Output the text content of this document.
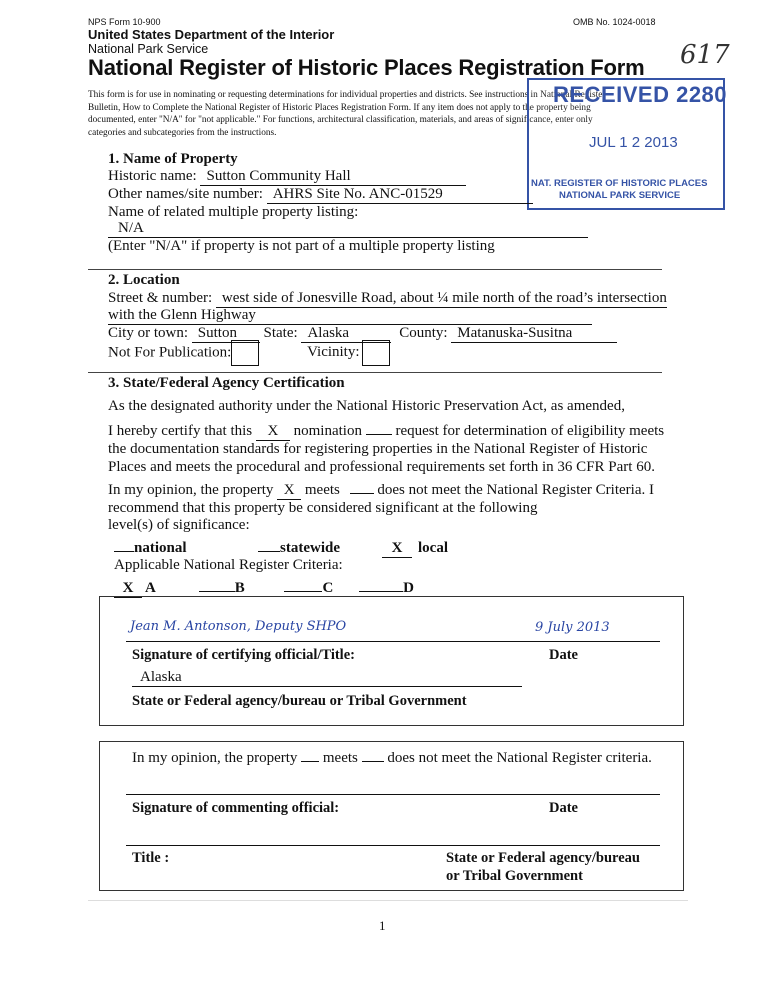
NPS Form 10-900	OMB No. 1024-0018
United States Department of the Interior
National Park Service
National Register of Historic Places Registration Form 617
This form is for use in nominating or requesting determinations for individual properties and districts. See instructions in National Register
Bulletin, How to Complete the National Register of Historic Places Registration Form. If any item does not apply to the property being
documented, enter "N/A" for "not applicable." For functions, architectural classification, materials, and areas of significance, enter only
categories and subcategories from the instructions.
RECEIVED 2280
JUL 1 2 2013
NAT. REGISTER OF HISTORIC PLACES
NATIONAL PARK SERVICE
1. Name of Property
Historic name: Sutton Community Hall
Other names/site number: AHRS Site No. ANC-01529
Name of related multiple property listing:
N/A
(Enter "N/A" if property is not part of a multiple property listing
2. Location
Street & number: west side of Jonesville Road, about ¼ mile north of the road’s intersection
with the Glenn Highway
City or town: Sutton State: Alaska	County: Matanuska-Susitna
Not For Publication:	Vicinity:
3. State/Federal Agency Certification
As the designated authority under the National Historic Preservation Act, as amended,
I hereby certify that this X nomination request for determination of eligibility meets
the documentation standards for registering properties in the National Register of Historic
Places and meets the procedural and professional requirements set forth in 36 CFR Part 60.
In my opinion, the property X meets	does not meet the National Register Criteria. I
recommend that this property be considered significant at the following
level(s) of significance:
national	statewide	X local
Applicable National Register Criteria:
X A	B	C	D
Jean M. Antonson, Deputy SHPO	9 July 2013
Signature of certifying official/Title:	Date
Alaska
State or Federal agency/bureau or Tribal Government
In my opinion, the property meets does not meet the National Register criteria.
Signature of commenting official:	Date
Title :	State or Federal agency/bureau
or Tribal Government
1
